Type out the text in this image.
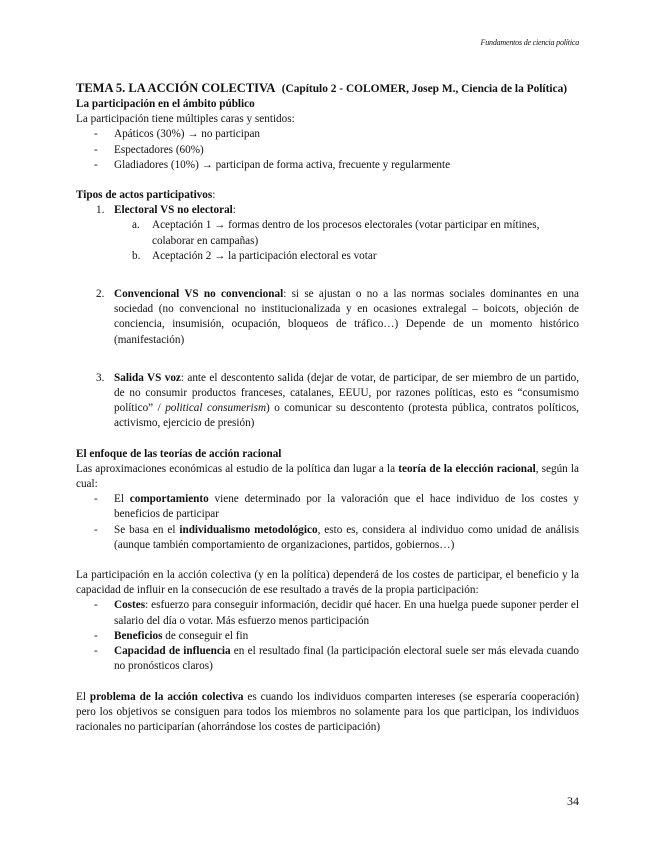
Fundamentos de ciencia política

TEMA 5. LA ACCIÓN COLECTIVA (Capítulo 2 - COLOMER, Josep M., Ciencia de la Política)

La participación en el ámbito público

La participación tiene múltiples caras y sentidos:

- Apáticos (30%) → no participan
- Espectadores (60%)
- Gladiadores (10%) → participan de forma activa, frecuente y regularmente

Tipos de actos participativos:

1. Electoral VS no electoral:
a. Aceptación 1 → formas dentro de los procesos electorales (votar participar en mítines, colaborar en campañas)
b. Aceptación 2 → la participación electoral es votar
2. Convencional VS no convencional: si se ajustan o no a las normas sociales dominantes en una sociedad (no convencional no institucionalizada y en ocasiones extralegal – boicots, objeción de conciencia, insumisión, ocupación, bloqueos de tráfico…) Depende de un momento histórico (manifestación)
3. Salida VS voz: ante el descontento salida (dejar de votar, de participar, de ser miembro de un partido, de no consumir productos franceses, catalanes, EEUU, por razones políticas, esto es “consumismo político” / political consumerism) o comunicar su descontento (protesta pública, contratos políticos, activismo, ejercicio de presión)

El enfoque de las teorías de acción racional

Las aproximaciones económicas al estudio de la política dan lugar a la teoría de la elección racional, según la cual:

- El comportamiento viene determinado por la valoración que el hace individuo de los costes y beneficios de participar
- Se basa en el individualismo metodológico, esto es, considera al individuo como unidad de análisis (aunque también comportamiento de organizaciones, partidos, gobiernos…)

La participación en la acción colectiva (y en la política) dependerá de los costes de participar, el beneficio y la capacidad de influir en la consecución de ese resultado a través de la propia participación:

- Costes: esfuerzo para conseguir información, decidir qué hacer. En una huelga puede suponer perder el salario del día o votar. Más esfuerzo menos participación
- Beneficios de conseguir el fin
- Capacidad de influencia en el resultado final (la participación electoral suele ser más elevada cuando no pronósticos claros)

El problema de la acción colectiva es cuando los individuos comparten intereses (se esperaría cooperación) pero los objetivos se consiguen para todos los miembros no solamente para los que participan, los individuos racionales no participarían (ahorrándose los costes de participación)

34
